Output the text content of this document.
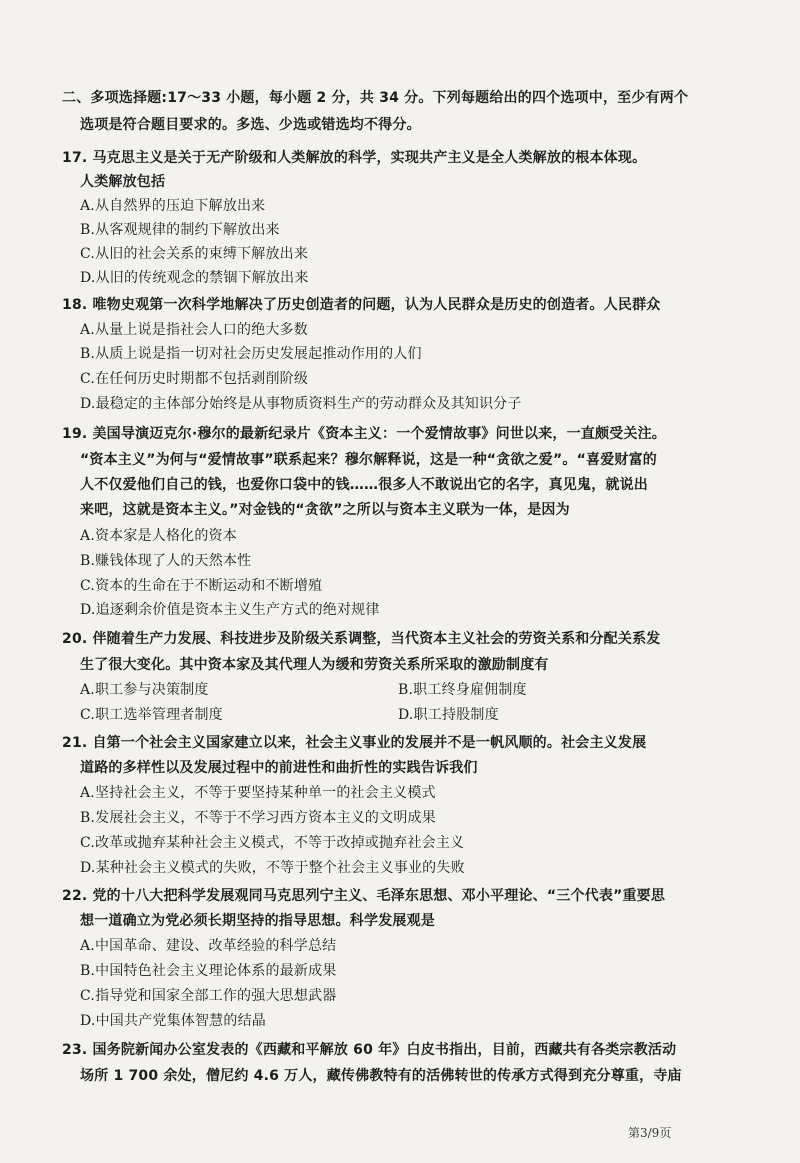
二、多项选择题:17～33 小题，每小题 2 分，共 34 分。下列每题给出的四个选项中，至少有两个
选项是符合题目要求的。多选、少选或错选均不得分。
17. 马克思主义是关于无产阶级和人类解放的科学，实现共产主义是全人类解放的根本体现。
人类解放包括
A.从自然界的压迫下解放出来
B.从客观规律的制约下解放出来
C.从旧的社会关系的束缚下解放出来
D.从旧的传统观念的禁锢下解放出来
18. 唯物史观第一次科学地解决了历史创造者的问题，认为人民群众是历史的创造者。人民群众
A.从量上说是指社会人口的绝大多数
B.从质上说是指一切对社会历史发展起推动作用的人们
C.在任何历史时期都不包括剥削阶级
D.最稳定的主体部分始终是从事物质资料生产的劳动群众及其知识分子
19. 美国导演迈克尔·穆尔的最新纪录片《资本主义：一个爱情故事》问世以来，一直颇受关注。
“资本主义”为何与“爱情故事”联系起来？穆尔解释说，这是一种“贪欲之爱”。“喜爱财富的
人不仅爱他们自己的钱，也爱你口袋中的钱……很多人不敢说出它的名字，真见鬼，就说出
来吧，这就是资本主义。”对金钱的“贪欲”之所以与资本主义联为一体，是因为
A.资本家是人格化的资本
B.赚钱体现了人的天然本性
C.资本的生命在于不断运动和不断增殖
D.追逐剩余价值是资本主义生产方式的绝对规律
20. 伴随着生产力发展、科技进步及阶级关系调整，当代资本主义社会的劳资关系和分配关系发
生了很大变化。其中资本家及其代理人为缓和劳资关系所采取的激励制度有
A.职工参与决策制度	B.职工终身雇佣制度
C.职工选举管理者制度	D.职工持股制度
21. 自第一个社会主义国家建立以来，社会主义事业的发展并不是一帆风顺的。社会主义发展
道路的多样性以及发展过程中的前进性和曲折性的实践告诉我们
A.坚持社会主义，不等于要坚持某种单一的社会主义模式
B.发展社会主义，不等于不学习西方资本主义的文明成果
C.改革或抛弃某种社会主义模式，不等于改掉或抛弃社会主义
D.某种社会主义模式的失败，不等于整个社会主义事业的失败
22. 党的十八大把科学发展观同马克思列宁主义、毛泽东思想、邓小平理论、“三个代表”重要思
想一道确立为党必须长期坚持的指导思想。科学发展观是
A.中国革命、建设、改革经验的科学总结
B.中国特色社会主义理论体系的最新成果
C.指导党和国家全部工作的强大思想武器
D.中国共产党集体智慧的结晶
23. 国务院新闻办公室发表的《西藏和平解放 60 年》白皮书指出，目前，西藏共有各类宗教活动
场所 1 700 余处，僧尼约 4.6 万人，藏传佛教特有的活佛转世的传承方式得到充分尊重，寺庙
第3/9页
